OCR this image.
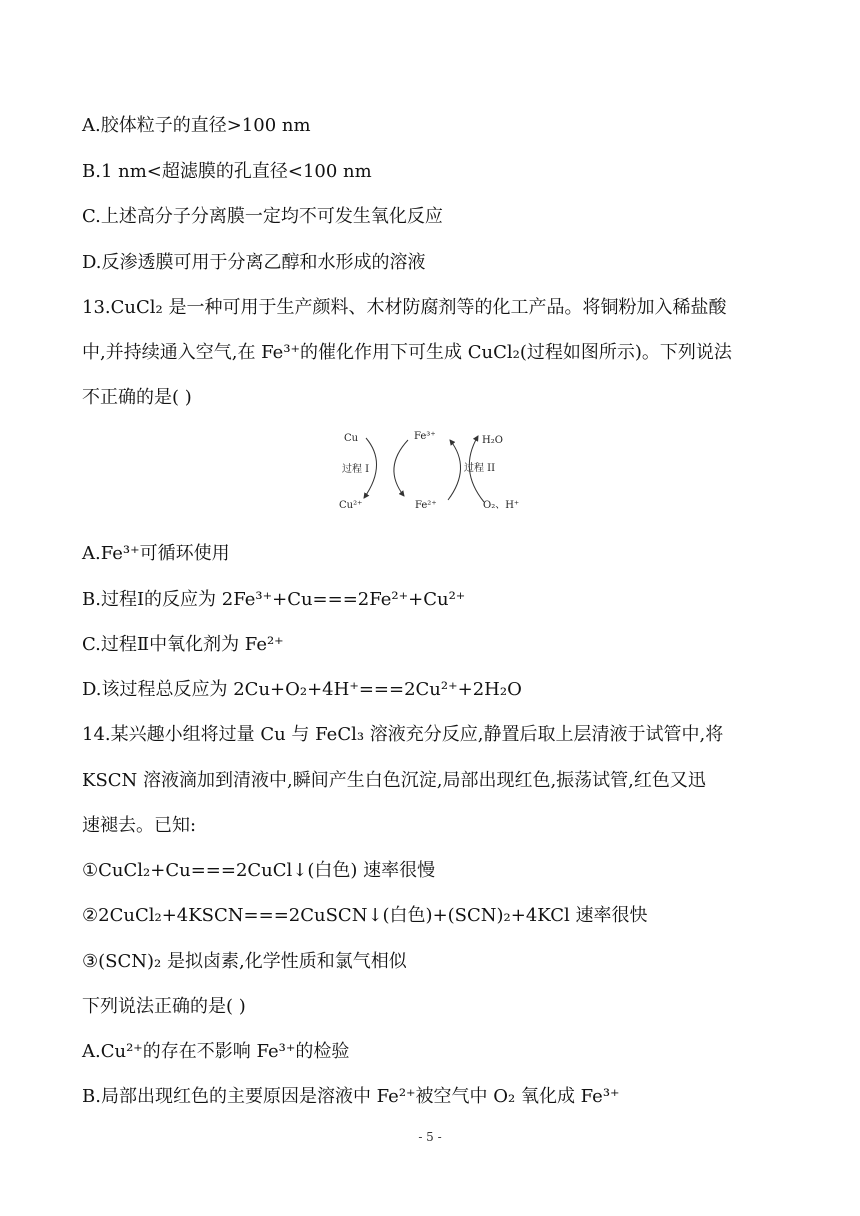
A.胶体粒子的直径>100 nm
B.1 nm<超滤膜的孔直径<100 nm
C.上述高分子分离膜一定均不可发生氧化反应
D.反渗透膜可用于分离乙醇和水形成的溶液
13.CuCl₂ 是一种可用于生产颜料、木材防腐剂等的化工产品。将铜粉加入稀盐酸
中,并持续通入空气,在 Fe³⁺的催化作用下可生成 CuCl₂(过程如图所示)。下列说法
不正确的是( )
Cu	Fe³⁺	H₂O
过程 I	过程 II
Cu²⁺	Fe²⁺	O₂、H⁺
A.Fe³⁺可循环使用
B.过程Ⅰ的反应为 2Fe³⁺+Cu===2Fe²⁺+Cu²⁺
C.过程Ⅱ中氧化剂为 Fe²⁺
D.该过程总反应为 2Cu+O₂+4H⁺===2Cu²⁺+2H₂O
14.某兴趣小组将过量 Cu 与 FeCl₃ 溶液充分反应,静置后取上层清液于试管中,将
KSCN 溶液滴加到清液中,瞬间产生白色沉淀,局部出现红色,振荡试管,红色又迅
速褪去。已知:
①CuCl₂+Cu===2CuCl↓(白色) 速率很慢
②2CuCl₂+4KSCN===2CuSCN↓(白色)+(SCN)₂+4KCl 速率很快
③(SCN)₂ 是拟卤素,化学性质和氯气相似
下列说法正确的是( )
A.Cu²⁺的存在不影响 Fe³⁺的检验
B.局部出现红色的主要原因是溶液中 Fe²⁺被空气中 O₂ 氧化成 Fe³⁺
- 5 -
